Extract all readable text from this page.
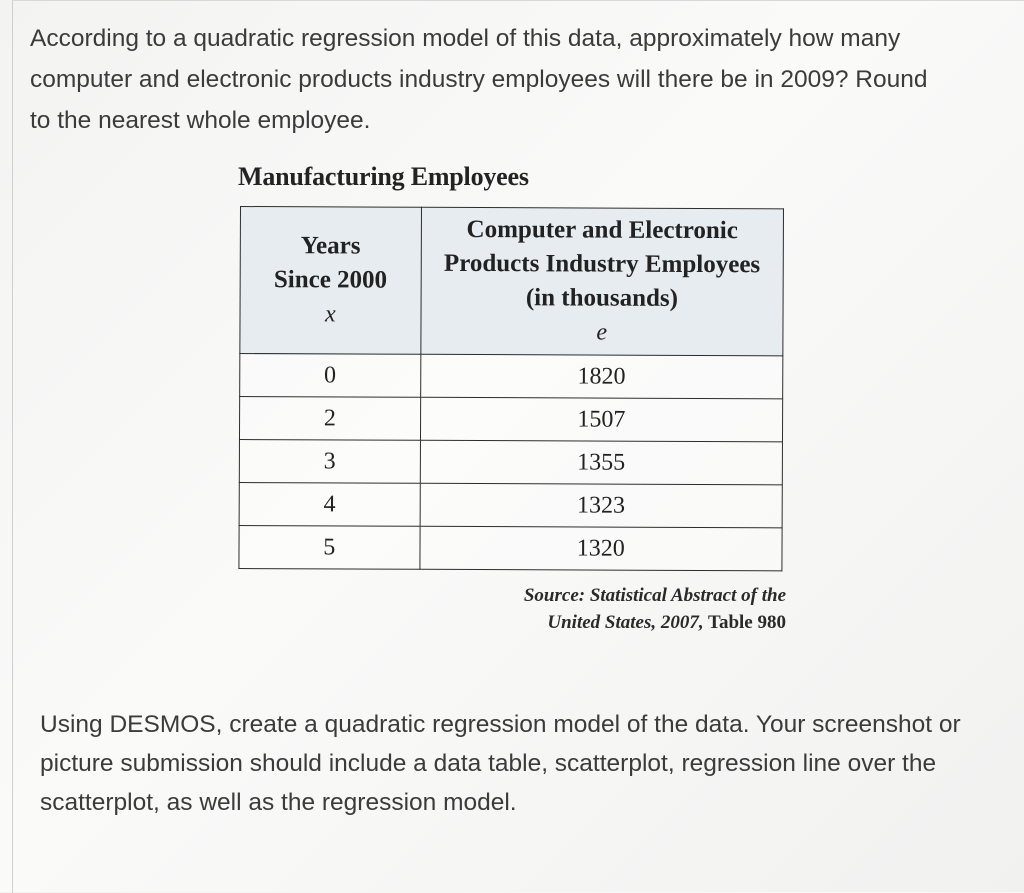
According to a quadratic regression model of this data, approximately how many
computer and electronic products industry employees will there be in 2009? Round
to the nearest whole employee.

Manufacturing Employees

Years
Since 2000
x	Computer and Electronic
Products Industry Employees
(in thousands)
e

0	1820
2	1507
3	1355
4	1323
5	1320
Source: Statistical Abstract of the
United States, 2007, Table 980

Using DESMOS, create a quadratic regression model of the data. Your screenshot or
picture submission should include a data table, scatterplot, regression line over the
scatterplot, as well as the regression model.
